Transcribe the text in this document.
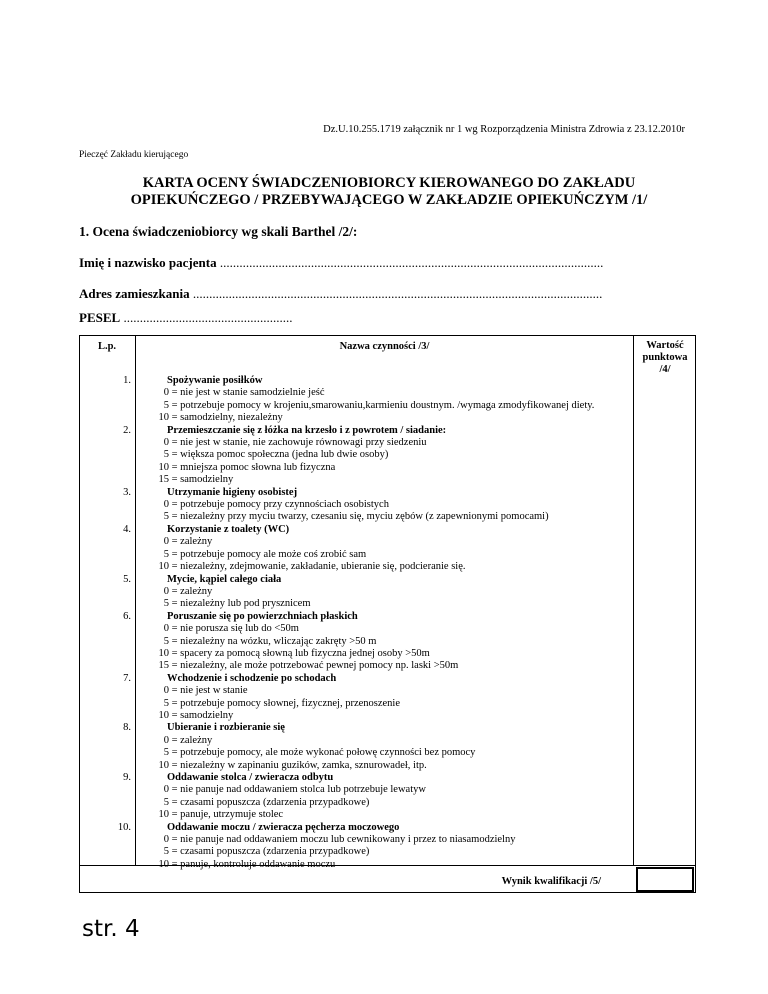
Dz.U.10.255.1719 załącznik nr 1 wg Rozporządzenia Ministra Zdrowia z 23.12.2010r
Pieczęć Zakładu kierującego
KARTA OCENY ŚWIADCZENIOBIORCY KIEROWANEGO DO ZAKŁADU
OPIEKUŃCZEGO / PRZEBYWAJĄCEGO W ZAKŁADZIE OPIEKUŃCZYM /1/
1. Ocena świadczeniobiorcy wg skali Barthel /2/:
Imię i nazwisko pacjenta ......................................................................................................................
Adres zamieszkania ..............................................................................................................................
PESEL ....................................................
L.p.	Nazwa czynności /3/	Wartość
punktowa
/4/
1.	Spożywanie posiłków
0 = nie jest w stanie samodzielnie jeść
5 = potrzebuje pomocy w krojeniu,smarowaniu,karmieniu doustnym. /wymaga zmodyfikowanej diety.
10 = samodzielny, niezależny
2.	Przemieszczanie się z łóżka na krzesło i z powrotem / siadanie:
0 = nie jest w stanie, nie zachowuje równowagi przy siedzeniu
5 = większa pomoc społeczna (jedna lub dwie osoby)
10 = mniejsza pomoc słowna lub fizyczna
15 = samodzielny
3.	Utrzymanie higieny osobistej
0 = potrzebuje pomocy przy czynnościach osobistych
5 = niezależny przy myciu twarzy, czesaniu się, myciu zębów (z zapewnionymi pomocami)
4.	Korzystanie z toalety (WC)
0 = zależny
5 = potrzebuje pomocy ale może coś zrobić sam
10 = niezależny, zdejmowanie, zakładanie, ubieranie się, podcieranie się.
5.	Mycie, kąpiel całego ciała
0 = zależny
5 = niezależny lub pod prysznicem
6.	Poruszanie się po powierzchniach płaskich
0 = nie porusza się lub do <50m
5 = niezależny na wózku, wliczając zakręty >50 m
10 = spacery za pomocą słowną lub fizyczna jednej osoby >50m
15 = niezależny, ale może potrzebować pewnej pomocy np. laski >50m
7.	Wchodzenie i schodzenie po schodach
0 = nie jest w stanie
5 = potrzebuje pomocy słownej, fizycznej, przenoszenie
10 = samodzielny
8.	Ubieranie i rozbieranie się
0 = zależny
5 = potrzebuje pomocy, ale może wykonać połowę czynności bez pomocy
10 = niezależny w zapinaniu guzików, zamka, sznurowadeł, itp.
9.	Oddawanie stolca / zwieracza odbytu
0 = nie panuje nad oddawaniem stolca lub potrzebuje lewatyw
5 = czasami popuszcza (zdarzenia przypadkowe)
10 = panuje, utrzymuje stolec
10.	Oddawanie moczu / zwieracza pęcherza moczowego
0 = nie panuje nad oddawaniem moczu lub cewnikowany i przez to niasamodzielny
5 = czasami popuszcza (zdarzenia przypadkowe)
10 = panuje, kontroluje oddawanie moczu
Wynik kwalifikacji /5/
str. 4
